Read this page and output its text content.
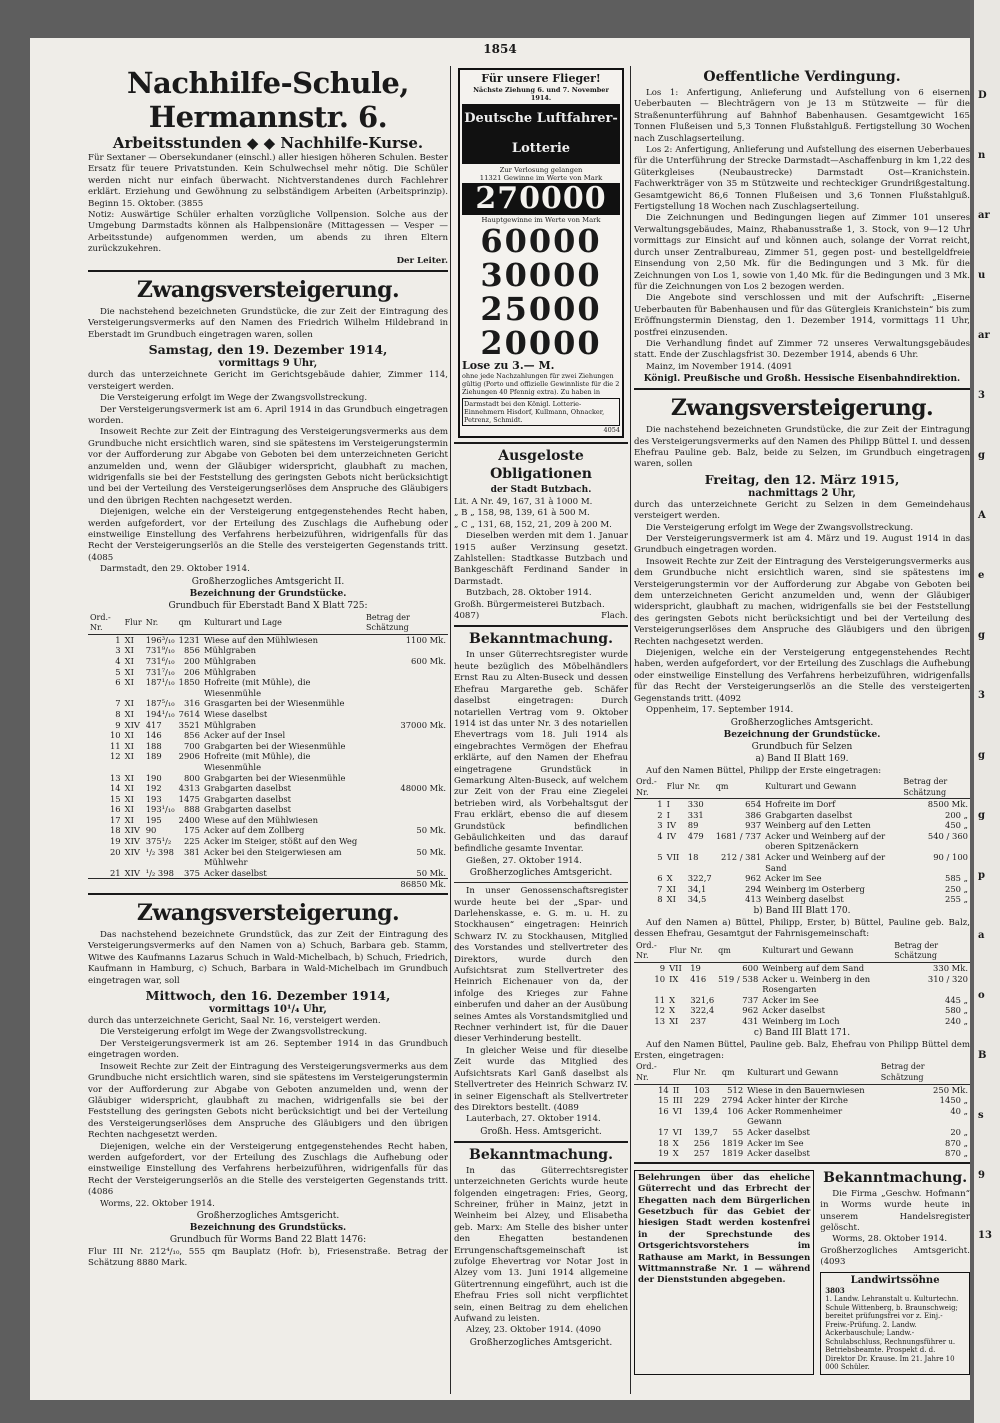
1854

Nachhilfe-Schule, Hermannstr. 6.

Arbeitsstunden ◆ ◆ Nachhilfe-Kurse.

Für Sextaner — Obersekundaner (einschl.) aller hiesigen höheren Schulen. Bester Ersatz für teuere Privatstunden. Kein Schulwechsel mehr nötig. Die Schüler werden nicht nur einfach überwacht. Nichtverstandenes durch Fachlehrer erklärt. Erziehung und Gewöhnung zu selbständigem Arbeiten (Arbeitsprinzip). Beginn 15. Oktober. (3855

Notiz: Auswärtige Schüler erhalten vorzügliche Vollpension. Solche aus der Umgebung Darmstadts können als Halbpensionäre (Mittagessen — Vesper — Arbeitsstunde) aufgenommen werden, um abends zu ihren Eltern zurückzukehren.

Der Leiter.

Zwangsversteigerung.

Die nachstehend bezeichneten Grundstücke, die zur Zeit der Eintragung des Versteigerungsvermerks auf den Namen des Friedrich Wilhelm Hildebrand in Eberstadt im Grundbuch eingetragen waren, sollen

Samstag, den 19. Dezember 1914,

vormittags 9 Uhr,

durch das unterzeichnete Gericht im Gerichtsgebäude dahier, Zimmer 114, versteigert werden.

Die Versteigerung erfolgt im Wege der Zwangsvollstreckung.

Der Versteigerungsvermerk ist am 6. April 1914 in das Grundbuch eingetragen worden.

Insoweit Rechte zur Zeit der Eintragung des Versteigerungsvermerks aus dem Grundbuche nicht ersichtlich waren, sind sie spätestens im Versteigerungstermin vor der Aufforderung zur Abgabe von Geboten bei dem unterzeichneten Gericht anzumelden und, wenn der Gläubiger widerspricht, glaubhaft zu machen, widrigenfalls sie bei der Feststellung des geringsten Gebots nicht berücksichtigt und bei der Verteilung des Versteigerungserlöses dem Anspruche des Gläubigers und den übrigen Rechten nachgesetzt werden.

Diejenigen, welche ein der Versteigerung entgegenstehendes Recht haben, werden aufgefordert, vor der Erteilung des Zuschlags die Aufhebung oder einstweilige Einstellung des Verfahrens herbeizuführen, widrigenfalls für das Recht der Versteigerungserlös an die Stelle des versteigerten Gegenstands tritt. (4085

Darmstadt, den 29. Oktober 1914.

Großherzogliches Amtsgericht II.

Bezeichnung der Grundstücke.

Grundbuch für Eberstadt Band X Blatt 725:

Ord.-Nr.	Flur	Nr.	qm	Kulturart und Lage	Betrag der Schätzung
1	XI	196³/₁₀	1231	Wiese auf den Mühlwiesen	1100 Mk.
3	XI	731⁹/₁₀	856	Mühlgraben	
4	XI	731⁶/₁₀	200	Mühlgraben	600 Mk.
5	XI	731⁷/₁₀	206	Mühlgraben	
6	XI	187¹/₁₀	1850	Hofreite (mit Mühle), die Wiesenmühle	
7	XI	187⁵/₁₀	316	Grasgarten bei der Wiesenmühle	
8	XI	194¹/₁₀	7614	Wiese daselbst	
9	XIV	417	3521	Mühlgraben	37000 Mk.
10	XI	146	856	Acker auf der Insel	
11	XI	188	700	Grabgarten bei der Wiesenmühle	
12	XI	189	2906	Hofreite (mit Mühle), die Wiesenmühle	
13	XI	190	800	Grabgarten bei der Wiesenmühle	
14	XI	192	4313	Grabgarten daselbst	48000 Mk.
15	XI	193	1475	Grabgarten daselbst	
16	XI	193¹/₁₀	888	Grabgarten daselbst	
17	XI	195	2400	Wiese auf den Mühlwiesen	
18	XIV	90	175	Acker auf dem Zollberg	50 Mk.
19	XIV	375¹/₂	225	Acker im Steiger, stößt auf den Weg	
20	XIV	¹/₂ 398	381	Acker bei den Steigerwiesen am Mühlwehr	50 Mk.
21	XIV	¹/₂ 398	375	Acker daselbst	50 Mk.
					86850 Mk.

Zwangsversteigerung.

Das nachstehend bezeichnete Grundstück, das zur Zeit der Eintragung des Versteigerungsvermerks auf den Namen von a) Schuch, Barbara geb. Stamm, Witwe des Kaufmanns Lazarus Schuch in Wald-Michelbach, b) Schuch, Friedrich, Kaufmann in Hamburg, c) Schuch, Barbara in Wald-Michelbach im Grundbuch eingetragen war, soll

Mittwoch, den 16. Dezember 1914,

vormittags 10¹/₄ Uhr,

durch das unterzeichnete Gericht, Saal Nr. 16, versteigert werden.

Die Versteigerung erfolgt im Wege der Zwangsvollstreckung.

Der Versteigerungsvermerk ist am 26. September 1914 in das Grundbuch eingetragen worden.

Insoweit Rechte zur Zeit der Eintragung des Versteigerungsvermerks aus dem Grundbuche nicht ersichtlich waren, sind sie spätestens im Versteigerungstermin vor der Aufforderung zur Abgabe von Geboten anzumelden und, wenn der Gläubiger widerspricht, glaubhaft zu machen, widrigenfalls sie bei der Feststellung des geringsten Gebots nicht berücksichtigt und bei der Verteilung des Versteigerungserlöses dem Anspruche des Gläubigers und den übrigen Rechten nachgesetzt werden.

Diejenigen, welche ein der Versteigerung entgegenstehendes Recht haben, werden aufgefordert, vor der Erteilung des Zuschlags die Aufhebung oder einstweilige Einstellung des Verfahrens herbeizuführen, widrigenfalls für das Recht der Versteigerungserlös an die Stelle des versteigerten Gegenstands tritt. (4086

Worms, 22. Oktober 1914.

Großherzogliches Amtsgericht.

Bezeichnung des Grundstücks.

Grundbuch für Worms Band 22 Blatt 1476:

Flur III Nr. 212⁴/₁₀, 555 qm Bauplatz (Hofr. b), Friesenstraße. Betrag der Schätzung 8880 Mark.

Für unsere Flieger!
Nächste Ziehung 6. und 7. November 1914.
Deutsche Luftfahrer-Lotterie
Zur Verlosung gelangen
11321 Gewinne im Werte von Mark
270000
Hauptgewinne im Werte von Mark
60000
30000
25000
20000
Lose zu 3.— M.
ohne jede Nachzahlungen für zwei Ziehungen gültig (Porto und offizielle Gewinnliste für die 2 Ziehungen 40 Pfennig extra). Zu haben in
Darmstadt bei den Königl. Lotterie-Einnehmern Hisdorf, Kullmann, Ohnacker, Petrenz, Schmidt.
4054

Ausgeloste Obligationen

der Stadt Butzbach.

Lit. A Nr. 49, 167, 31 à 1000 M.

„ B „ 158, 98, 139, 61 à 500 M.

„ C „ 131, 68, 152, 21, 209 à 200 M.

Dieselben werden mit dem 1. Januar 1915 außer Verzinsung gesetzt. Zahlstellen: Stadtkasse Butzbach und Bankgeschäft Ferdinand Sander in Darmstadt.

Butzbach, 28. Oktober 1914.

Großh. Bürgermeisterei Butzbach.

4087)	Flach.

Bekanntmachung.

In unser Güterrechtsregister wurde heute bezüglich des Möbelhändlers Ernst Rau zu Alten-Buseck und dessen Ehefrau Margarethe geb. Schäfer daselbst eingetragen: Durch notariellen Vertrag vom 9. Oktober 1914 ist das unter Nr. 3 des notariellen Ehevertrags vom 18. Juli 1914 als eingebrachtes Vermögen der Ehefrau erklärte, auf den Namen der Ehefrau eingetragene Grundstück in Gemarkung Alten-Buseck, auf welchem zur Zeit von der Frau eine Ziegelei betrieben wird, als Vorbehaltsgut der Frau erklärt, ebenso die auf diesem Grundstück befindlichen Gebäulichkeiten und das darauf befindliche gesamte Inventar.

Gießen, 27. Oktober 1914.

Großherzogliches Amtsgericht.

In unser Genossenschaftsregister wurde heute bei der „Spar- und Darlehenskasse, e. G. m. u. H. zu Stockhausen“ eingetragen: Heinrich Schwarz IV. zu Stockhausen, Mitglied des Vorstandes und stellvertreter des Direktors, wurde durch den Aufsichtsrat zum Stellvertreter des Heinrich Eichenauer von da, der infolge des Krieges zur Fahne einberufen und daher an der Ausübung seines Amtes als Vorstandsmitglied und Rechner verhindert ist, für die Dauer dieser Verhinderung bestellt.

In gleicher Weise und für dieselbe Zeit wurde das Mitglied des Aufsichtsrats Karl Ganß daselbst als Stellvertreter des Heinrich Schwarz IV. in seiner Eigenschaft als Stellvertreter des Direktors bestellt. (4089

Lauterbach, 27. Oktober 1914.

Großh. Hess. Amtsgericht.

Bekanntmachung.

In das Güterrechtsregister unterzeichneten Gerichts wurde heute folgenden eingetragen: Fries, Georg, Schreiner, früher in Mainz, jetzt in Weinheim bei Alzey, und Elisabetha geb. Marx: Am Stelle des bisher unter den Ehegatten bestandenen Errungenschaftsgemeinschaft ist zufolge Ehevertrag vor Notar Jost in Alzey vom 13. Juni 1914 allgemeine Gütertrennung eingeführt, auch ist die Ehefrau Fries soll nicht verpflichtet sein, einen Beitrag zu dem ehelichen Aufwand zu leisten.

Alzey, 23. Oktober 1914. (4090

Großherzogliches Amtsgericht.

Oeffentliche Verdingung.

Los 1: Anfertigung, Anlieferung und Aufstellung von 6 eisernen Ueberbauten — Blechträgern von je 13 m Stützweite — für die Straßenunterführung auf Bahnhof Babenhausen. Gesamtgewicht 165 Tonnen Flußeisen und 5,3 Tonnen Flußstahlguß. Fertigstellung 30 Wochen nach Zuschlagserteilung.

Los 2: Anfertigung, Anlieferung und Aufstellung des eisernen Ueberbaues für die Unterführung der Strecke Darmstadt—Aschaffenburg in km 1,22 des Güterkgleises (Neubaustrecke) Darmstadt Ost—Kranichstein. Fachwerkträger von 35 m Stützweite und rechteckiger Grundrißgestaltung. Gesamtgewicht 86,6 Tonnen Flußeisen und 3,6 Tonnen Flußstahlguß. Fertigstellung 18 Wochen nach Zuschlagserteilung.

Die Zeichnungen und Bedingungen liegen auf Zimmer 101 unseres Verwaltungsgebäudes, Mainz, Rhabanusstraße 1, 3. Stock, von 9—12 Uhr vormittags zur Einsicht auf und können auch, solange der Vorrat reicht, durch unser Zentralbureau, Zimmer 51, gegen post- und bestellgeldfreie Einsendung von 2,50 Mk. für die Bedingungen und 3 Mk. für die Zeichnungen von Los 1, sowie von 1,40 Mk. für die Bedingungen und 3 Mk. für die Zeichnungen von Los 2 bezogen werden.

Die Angebote sind verschlossen und mit der Aufschrift: „Eiserne Ueberbauten für Babenhausen und für das Gütergleis Kranichstein“ bis zum Eröffnungstermin Dienstag, den 1. Dezember 1914, vormittags 11 Uhr, postfrei einzusenden.

Die Verhandlung findet auf Zimmer 72 unseres Verwaltungsgebäudes statt. Ende der Zuschlagsfrist 30. Dezember 1914, abends 6 Uhr.

Mainz, im November 1914. (4091

Königl. Preußische und Großh. Hessische Eisenbahndirektion.

Zwangsversteigerung.

Die nachstehend bezeichneten Grundstücke, die zur Zeit der Eintragung des Versteigerungsvermerks auf den Namen des Philipp Büttel I. und dessen Ehefrau Pauline geb. Balz, beide zu Selzen, im Grundbuch eingetragen waren, sollen

Freitag, den 12. März 1915,

nachmittags 2 Uhr,

durch das unterzeichnete Gericht zu Selzen in dem Gemeindehaus versteigert werden.

Die Versteigerung erfolgt im Wege der Zwangsvollstreckung.

Der Versteigerungsvermerk ist am 4. März und 19. August 1914 in das Grundbuch eingetragen worden.

Insoweit Rechte zur Zeit der Eintragung des Versteigerungsvermerks aus dem Grundbuche nicht ersichtlich waren, sind sie spätestens im Versteigerungstermin vor der Aufforderung zur Abgabe von Geboten bei dem unterzeichneten Gericht anzumelden und, wenn der Gläubiger widerspricht, glaubhaft zu machen, widrigenfalls sie bei der Feststellung des geringsten Gebots nicht berücksichtigt und bei der Verteilung des Versteigerungserlöses dem Anspruche des Gläubigers und den übrigen Rechten nachgesetzt werden.

Diejenigen, welche ein der Versteigerung entgegenstehendes Recht haben, werden aufgefordert, vor der Erteilung des Zuschlags die Aufhebung oder einstweilige Einstellung des Verfahrens herbeizuführen, widrigenfalls für das Recht der Versteigerungserlös an die Stelle des versteigerten Gegenstands tritt. (4092

Oppenheim, 17. September 1914.

Großherzogliches Amtsgericht.

Bezeichnung der Grundstücke.

Grundbuch für Selzen

a) Band II Blatt 169.

Auf den Namen Büttel, Philipp der Erste eingetragen:

Ord.-Nr.	Flur	Nr.	qm	Kulturart und Gewann	Betrag der Schätzung
1	I	330	654	Hofreite im Dorf	8500 Mk.
2	I	331	386	Grabgarten daselbst	200 „
3	IV	89	937	Weinberg auf den Letten	450 „
4	IV	479	1681 / 737	Acker und Weinberg auf der oberen Spitzenäckern	540 / 360
5	VII	18	212 / 381	Acker und Weinberg auf der Sand	90 / 100
6	X	322,7	962	Acker im See	585 „
7	XI	34,1	294	Weinberg im Osterberg	250 „
8	XI	34,5	413	Weinberg daselbst	255 „

b) Band III Blatt 170.

Auf den Namen a) Büttel, Philipp, Erster, b) Büttel, Pauline geb. Balz, dessen Ehefrau, Gesamtgut der Fahrnisgemeinschaft:

Ord.-Nr.	Flur	Nr.	qm	Kulturart und Gewann	Betrag der Schätzung
9	VII	19	600	Weinberg auf dem Sand	330 Mk.
10	IX	416	519 / 538	Acker u. Weinberg in den Rosengarten	310 / 320
11	X	321,6	737	Acker im See	445 „
12	X	322,4	962	Acker daselbst	580 „
13	XI	237	431	Weinberg im Loch	240 „

c) Band III Blatt 171.

Auf den Namen Büttel, Pauline geb. Balz, Ehefrau von Philipp Büttel dem Ersten, eingetragen:

Ord.-Nr.	Flur	Nr.	qm	Kulturart und Gewann	Betrag der Schätzung
14	II	103	512	Wiese in den Bauernwiesen	250 Mk.
15	III	229	2794	Acker hinter der Kirche	1450 „
16	VI	139,4	106	Acker Rommenheimer Gewann	40 „
17	VI	139,7	55	Acker daselbst	20 „
18	X	256	1819	Acker im See	870 „
19	X	257	1819	Acker daselbst	870 „

Belehrungen über das eheliche Güterrecht und das Erbrecht der Ehegatten nach dem Bürgerlichen Gesetzbuch für das Gebiet der hiesigen Stadt werden kostenfrei in der Sprechstunde des Ortsgerichtsvorstehers im Rathause am Markt, in Bessungen Wittmannstraße Nr. 1 — während der Dienststunden abgegeben.

Bekanntmachung.

Die Firma „Geschw. Hofmann“ in Worms wurde heute in unserem Handelsregister gelöscht.

Worms, 28. Oktober 1914.

Großherzogliches Amtsgericht. (4093

Landwirtssöhne
3803
1. Landw. Lehranstalt u. Kulturtechn. Schule Wittenberg, b. Braunschweig; bereitet prüfungsfrei vor z. Einj.-Freiw.-Prüfung. 2. Landw. Ackerbauschule; Landw.-Schulabschluss, Rechnungsführer u. Betriebsbeamte. Prospekt d. d. Direktor Dr. Krause. Im 21. Jahre 10 000 Schüler.
D
n
ar
u
ar
3
g
A
e
g
3
g
g
p
a
o
B
s
9
13
